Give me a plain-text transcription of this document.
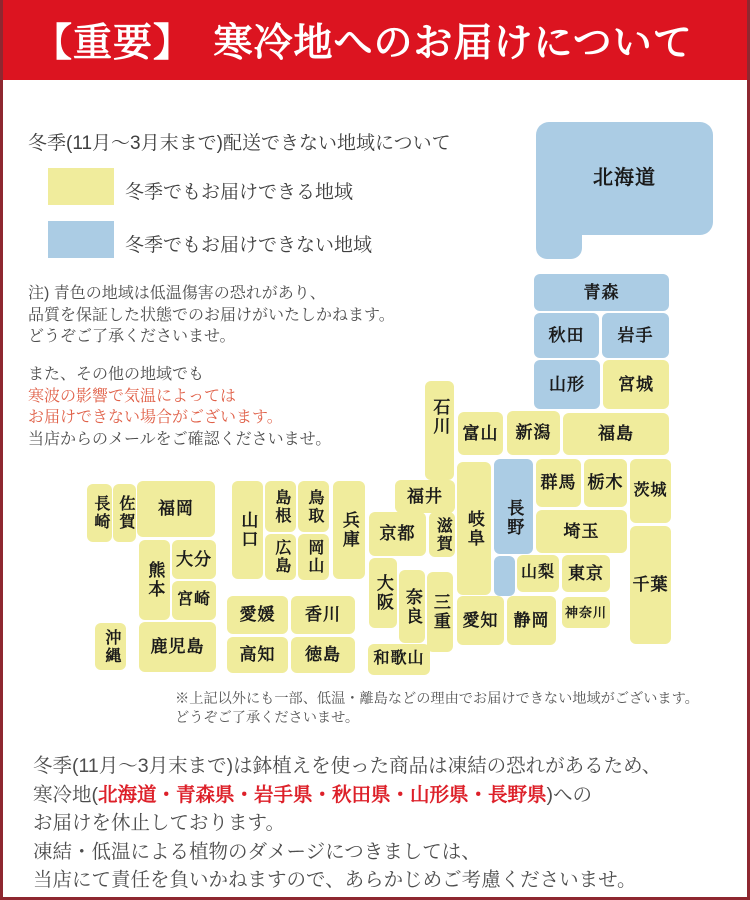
【重要】　寒冷地へのお届けについて
冬季(11月～3月末まで)配送できない地域について
冬季でもお届けできる地域
冬季でもお届けできない地域
注) 青色の地域は低温傷害の恐れがあり、
品質を保証した状態でのお届けがいたしかねます。
どうぞご了承くださいませ。
また、その他の地域でも
寒波の影響で気温によっては
お届けできない場合がございます。
当店からのメールをご確認くださいませ。
北海道
青森
秋田 岩手
山形 宮城
石川 富山 新潟	福島
長野
岐阜
福井
京都 滋賀
群馬 栃木 茨城
埼玉
千葉
山梨 東京
神奈川
静岡
愛知
大阪 奈良 三重
和歌山
兵庫
鳥取
島根
岡山
広島
山口
愛媛 香川
高知 徳島
福岡
佐賀
長崎
熊本
大分
宮崎
鹿児島
沖縄
※上記以外にも一部、低温・離島などの理由でお届けできない地域がございます。
どうぞご了承くださいませ。
冬季(11月～3月末まで)は鉢植えを使った商品は凍結の恐れがあるため、
寒冷地(北海道・青森県・岩手県・秋田県・山形県・長野県)への
お届けを休止しております。
凍結・低温による植物のダメージにつきましては、
当店にて責任を負いかねますので、あらかじめご考慮くださいませ。
